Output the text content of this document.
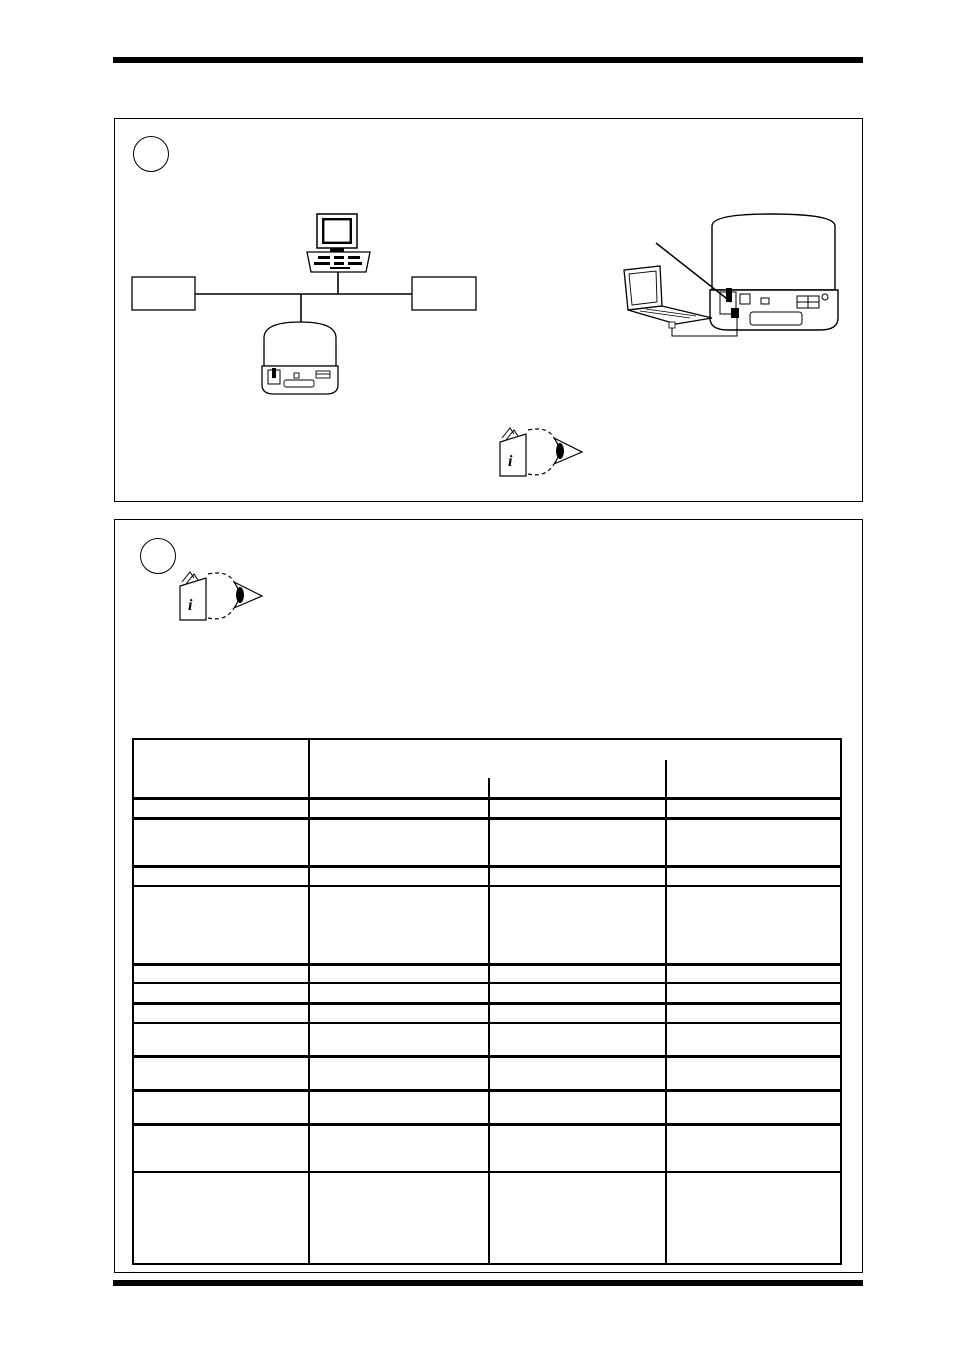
i
i
